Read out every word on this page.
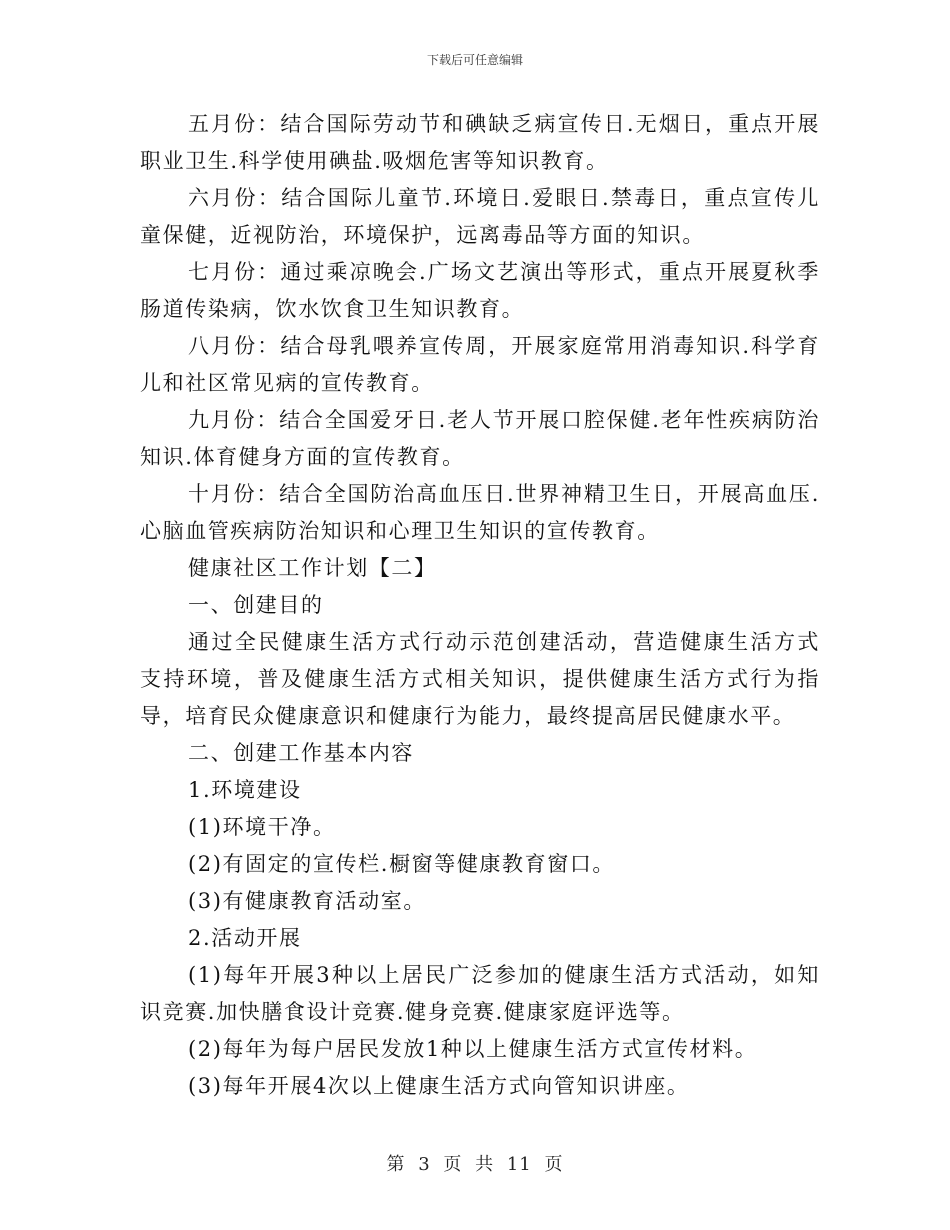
下载后可任意编辑

五月份：结合国际劳动节和碘缺乏病宣传日.无烟日，重点开展职业卫生.科学使用碘盐.吸烟危害等知识教育。

六月份：结合国际儿童节.环境日.爱眼日.禁毒日，重点宣传儿童保健，近视防治，环境保护，远离毒品等方面的知识。

七月份：通过乘凉晚会.广场文艺演出等形式，重点开展夏秋季肠道传染病，饮水饮食卫生知识教育。

八月份：结合母乳喂养宣传周，开展家庭常用消毒知识.科学育儿和社区常见病的宣传教育。

九月份：结合全国爱牙日.老人节开展口腔保健.老年性疾病防治知识.体育健身方面的宣传教育。

十月份：结合全国防治高血压日.世界神精卫生日，开展高血压.心脑血管疾病防治知识和心理卫生知识的宣传教育。

健康社区工作计划【二】

一、创建目的

通过全民健康生活方式行动示范创建活动，营造健康生活方式支持环境，普及健康生活方式相关知识，提供健康生活方式行为指导，培育民众健康意识和健康行为能力，最终提高居民健康水平。

二、创建工作基本内容

1.环境建设

(1)环境干净。

(2)有固定的宣传栏.橱窗等健康教育窗口。

(3)有健康教育活动室。

2.活动开展

(1)每年开展3种以上居民广泛参加的健康生活方式活动，如知识竞赛.加快膳食设计竞赛.健身竞赛.健康家庭评选等。

(2)每年为每户居民发放1种以上健康生活方式宣传材料。

(3)每年开展4次以上健康生活方式向管知识讲座。

第 3 页 共 11 页
